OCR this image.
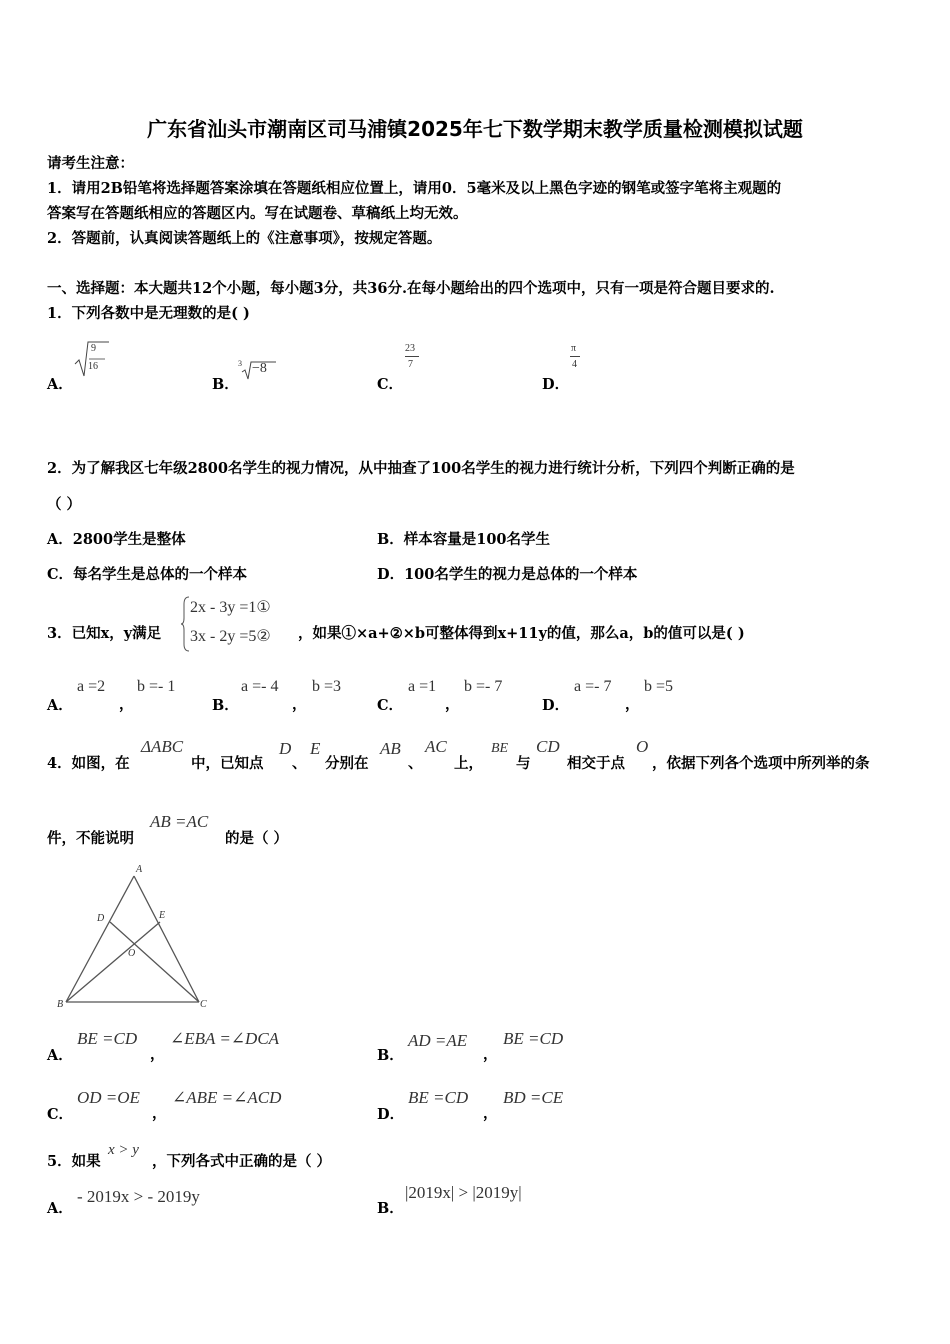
广东省汕头市潮南区司马浦镇2025年七下数学期末教学质量检测模拟试题
请考生注意：
1．请用2B铅笔将选择题答案涂填在答题纸相应位置上，请用0．5毫米及以上黑色字迹的钢笔或签字笔将主观题的
答案写在答题纸相应的答题区内。写在试题卷、草稿纸上均无效。
2．答题前，认真阅读答题纸上的《注意事项》，按规定答题。
一、选择题：本大题共12个小题，每小题3分，共36分.在每小题给出的四个选项中，只有一项是符合题目要求的.
1．下列各数中是无理数的是( )
A．
9
16
B．
3 −8
C．
23
7
D．
π
4
2．为了解我区七年级2800名学生的视力情况，从中抽查了100名学生的视力进行统计分析，下列四个判断正确的是
（ ）
A．2800学生是整体	B．样本容量是100名学生
C．每名学生是总体的一个样本	D．100名学生的视力是总体的一个样本
3．已知x，y满足
2x - 3y =1①
3x - 2y =5② ，如果①×a+②×b可整体得到x+11y的值，那么a，b的值可以是( )
A．
a =2
，
b =- 1
B．
a =- 4
，
b =3
C．
a =1
，
b =- 7
D．
a =- 7
，
b =5
4．如图，在
ΔABC
中，已知点
D
、
E
分别在
AB
、
AC
上，
BE
与
CD
相交于点
O
，依据下列各个选项中所列举的条
件，不能说明
AB =AC
的是（ ）
A
B	C
D	E
O
A．
BE =CD
，
∠EBA =∠DCA
B．
AD =AE
，
BE =CD
C．
OD =OE
，
∠ABE =∠ACD
D．
BE =CD
，
BD =CE
5．如果
x > y
，下列各式中正确的是（ ）
A．
- 2019x > - 2019y
B．
|2019x| > |2019y|
